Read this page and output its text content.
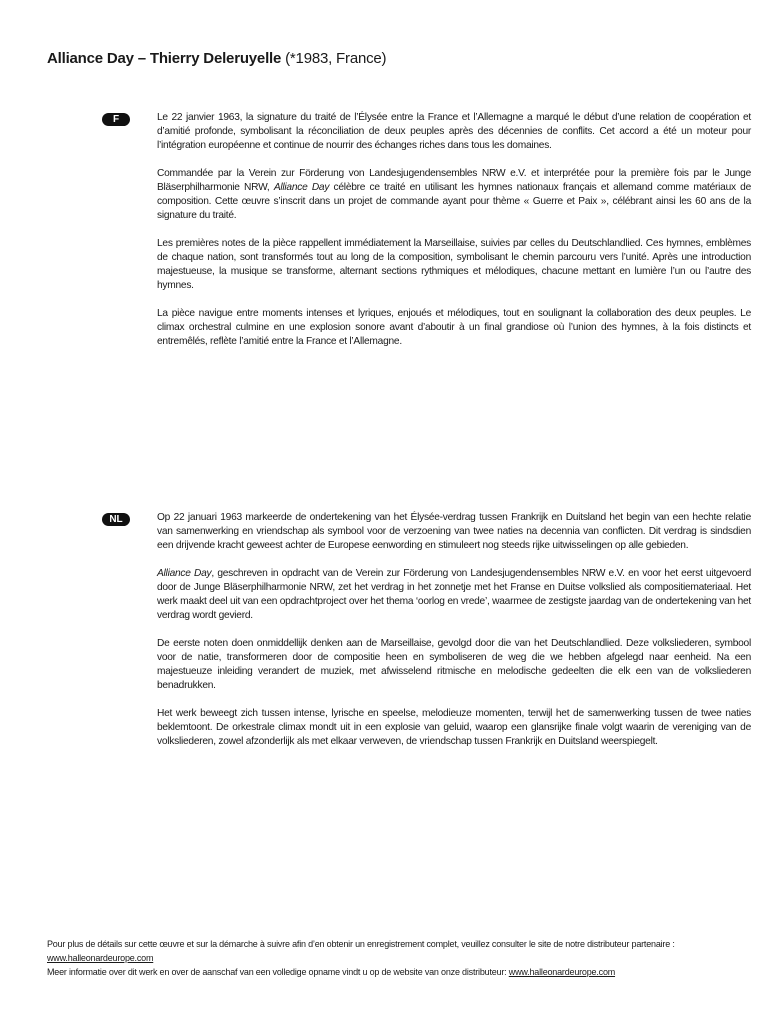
Alliance Day – Thierry Deleruyelle (*1983, France)
F	Le 22 janvier 1963, la signature du traité de l’Élysée entre la France et l’Allemagne a marqué le début d’une relation de coopération et d’amitié profonde, symbolisant la réconciliation de deux peuples après des décennies de conflits. Cet accord a été un moteur pour l’intégration européenne et continue de nourrir des échanges riches dans tous les domaines.

Commandée par la Verein zur Förderung von Landesjugendensembles NRW e.V. et interprétée pour la première fois par le Junge Bläserphilharmonie NRW, Alliance Day célèbre ce traité en utilisant les hymnes nationaux français et allemand comme matériaux de composition. Cette œuvre s’inscrit dans un projet de commande ayant pour thème « Guerre et Paix », célébrant ainsi les 60 ans de la signature du traité.

Les premières notes de la pièce rappellent immédiatement la Marseillaise, suivies par celles du Deutschlandlied. Ces hymnes, emblèmes de chaque nation, sont transformés tout au long de la composition, symbolisant le chemin parcouru vers l’unité. Après une introduction majestueuse, la musique se transforme, alternant sections rythmiques et mélodiques, chacune mettant en lumière l’un ou l’autre des hymnes.

La pièce navigue entre moments intenses et lyriques, enjoués et mélodiques, tout en soulignant la collaboration des deux peuples. Le climax orchestral culmine en une explosion sonore avant d’aboutir à un final grandiose où l’union des hymnes, à la fois distincts et entremêlés, reflète l’amitié entre la France et l’Allemagne.

NL	Op 22 januari 1963 markeerde de ondertekening van het Élysée-verdrag tussen Frankrijk en Duitsland het begin van een hechte relatie van samenwerking en vriendschap als symbool voor de verzoening van twee naties na decennia van conflicten. Dit verdrag is sindsdien een drijvende kracht geweest achter de Europese eenwording en stimuleert nog steeds rijke uitwisselingen op alle gebieden.

Alliance Day, geschreven in opdracht van de Verein zur Förderung von Landesjugendensembles NRW e.V. en voor het eerst uitgevoerd door de Junge Bläserphilharmonie NRW, zet het verdrag in het zonnetje met het Franse en Duitse volkslied als compositiemateriaal. Het werk maakt deel uit van een opdrachtproject over het thema ‘oorlog en vrede’, waarmee de zestigste jaardag van de ondertekening van het verdrag wordt gevierd.

De eerste noten doen onmiddellijk denken aan de Marseillaise, gevolgd door die van het Deutschlandlied. Deze volksliederen, symbool voor de natie, transformeren door de compositie heen en symboliseren de weg die we hebben afgelegd naar eenheid. Na een majestueuze inleiding verandert de muziek, met afwisselend ritmische en melodische gedeelten die elk een van de volksliederen benadrukken.

Het werk beweegt zich tussen intense, lyrische en speelse, melodieuze momenten, terwijl het de samenwerking tussen de twee naties beklemtoont. De orkestrale climax mondt uit in een explosie van geluid, waarop een glansrijke finale volgt waarin de vereniging van de volksliederen, zowel afzonderlijk als met elkaar verweven, de vriendschap tussen Frankrijk en Duitsland weerspiegelt.

Pour plus de détails sur cette œuvre et sur la démarche à suivre afin d’en obtenir un enregistrement complet, veuillez consulter le site de notre distributeur partenaire : www.halleonardeurope.com
Meer informatie over dit werk en over de aanschaf van een volledige opname vindt u op de website van onze distributeur: www.halleonardeurope.com
